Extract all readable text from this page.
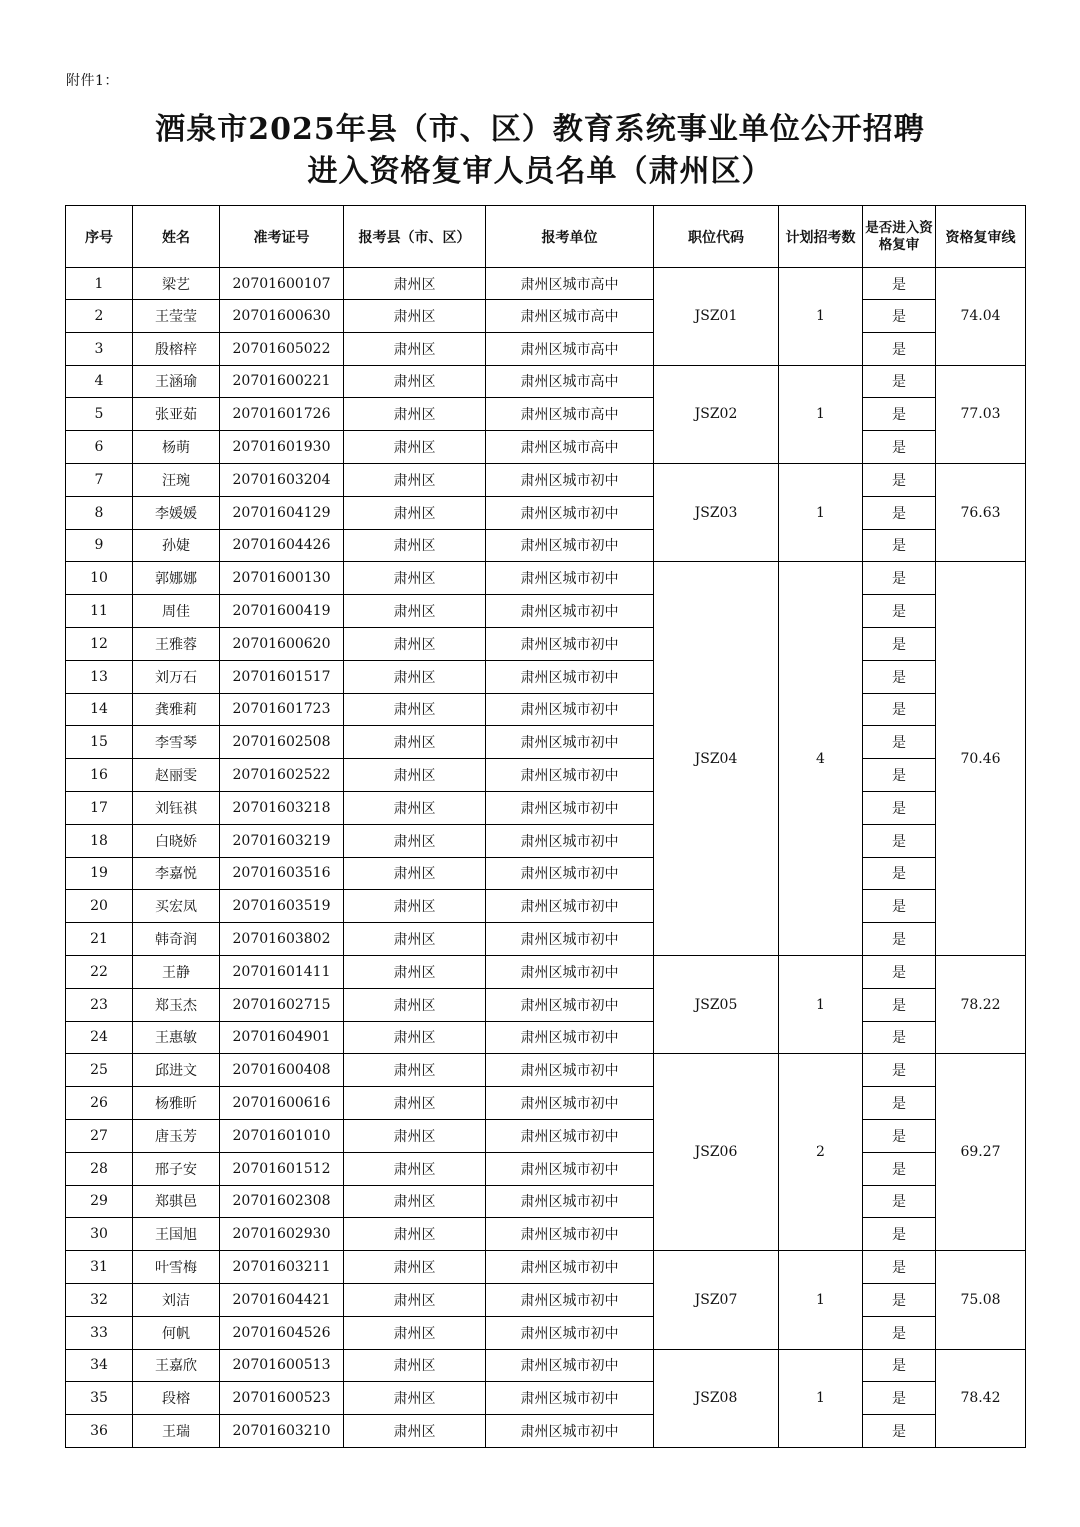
附件1：
酒泉市2025年县（市、区）教育系统事业单位公开招聘
进入资格复审人员名单（肃州区）
序号	姓名	准考证号	报考县（市、区）	报考单位	职位代码	计划招考数	是否进入资格复审	资格复审线
1	梁艺	20701600107	肃州区	肃州区城市高中	JSZ01	1	是	74.04
2	王莹莹	20701600630	肃州区	肃州区城市高中			是	
3	殷榕梓	20701605022	肃州区	肃州区城市高中			是	
4	王涵瑜	20701600221	肃州区	肃州区城市高中	JSZ02	1	是	77.03
5	张亚茹	20701601726	肃州区	肃州区城市高中			是	
6	杨萌	20701601930	肃州区	肃州区城市高中			是	
7	汪琬	20701603204	肃州区	肃州区城市初中	JSZ03	1	是	76.63
8	李媛媛	20701604129	肃州区	肃州区城市初中			是	
9	孙婕	20701604426	肃州区	肃州区城市初中			是	
10	郭娜娜	20701600130	肃州区	肃州区城市初中	JSZ04	4	是	70.46
11	周佳	20701600419	肃州区	肃州区城市初中			是	
12	王雅蓉	20701600620	肃州区	肃州区城市初中			是	
13	刘万石	20701601517	肃州区	肃州区城市初中			是	
14	龚雅莉	20701601723	肃州区	肃州区城市初中			是	
15	李雪琴	20701602508	肃州区	肃州区城市初中			是	
16	赵丽雯	20701602522	肃州区	肃州区城市初中			是	
17	刘钰祺	20701603218	肃州区	肃州区城市初中			是	
18	白晓娇	20701603219	肃州区	肃州区城市初中			是	
19	李嘉悦	20701603516	肃州区	肃州区城市初中			是	
20	买宏凤	20701603519	肃州区	肃州区城市初中			是	
21	韩奇润	20701603802	肃州区	肃州区城市初中			是	
22	王静	20701601411	肃州区	肃州区城市初中	JSZ05	1	是	78.22
23	郑玉杰	20701602715	肃州区	肃州区城市初中			是	
24	王惠敏	20701604901	肃州区	肃州区城市初中			是	
25	邱进文	20701600408	肃州区	肃州区城市初中	JSZ06	2	是	69.27
26	杨雅昕	20701600616	肃州区	肃州区城市初中			是	
27	唐玉芳	20701601010	肃州区	肃州区城市初中			是	
28	邢子安	20701601512	肃州区	肃州区城市初中			是	
29	郑骐邑	20701602308	肃州区	肃州区城市初中			是	
30	王国旭	20701602930	肃州区	肃州区城市初中			是	
31	叶雪梅	20701603211	肃州区	肃州区城市初中	JSZ07	1	是	75.08
32	刘洁	20701604421	肃州区	肃州区城市初中			是	
33	何帆	20701604526	肃州区	肃州区城市初中			是	
34	王嘉欣	20701600513	肃州区	肃州区城市初中	JSZ08	1	是	78.42
35	段榕	20701600523	肃州区	肃州区城市初中			是	
36	王瑞	20701603210	肃州区	肃州区城市初中			是	
